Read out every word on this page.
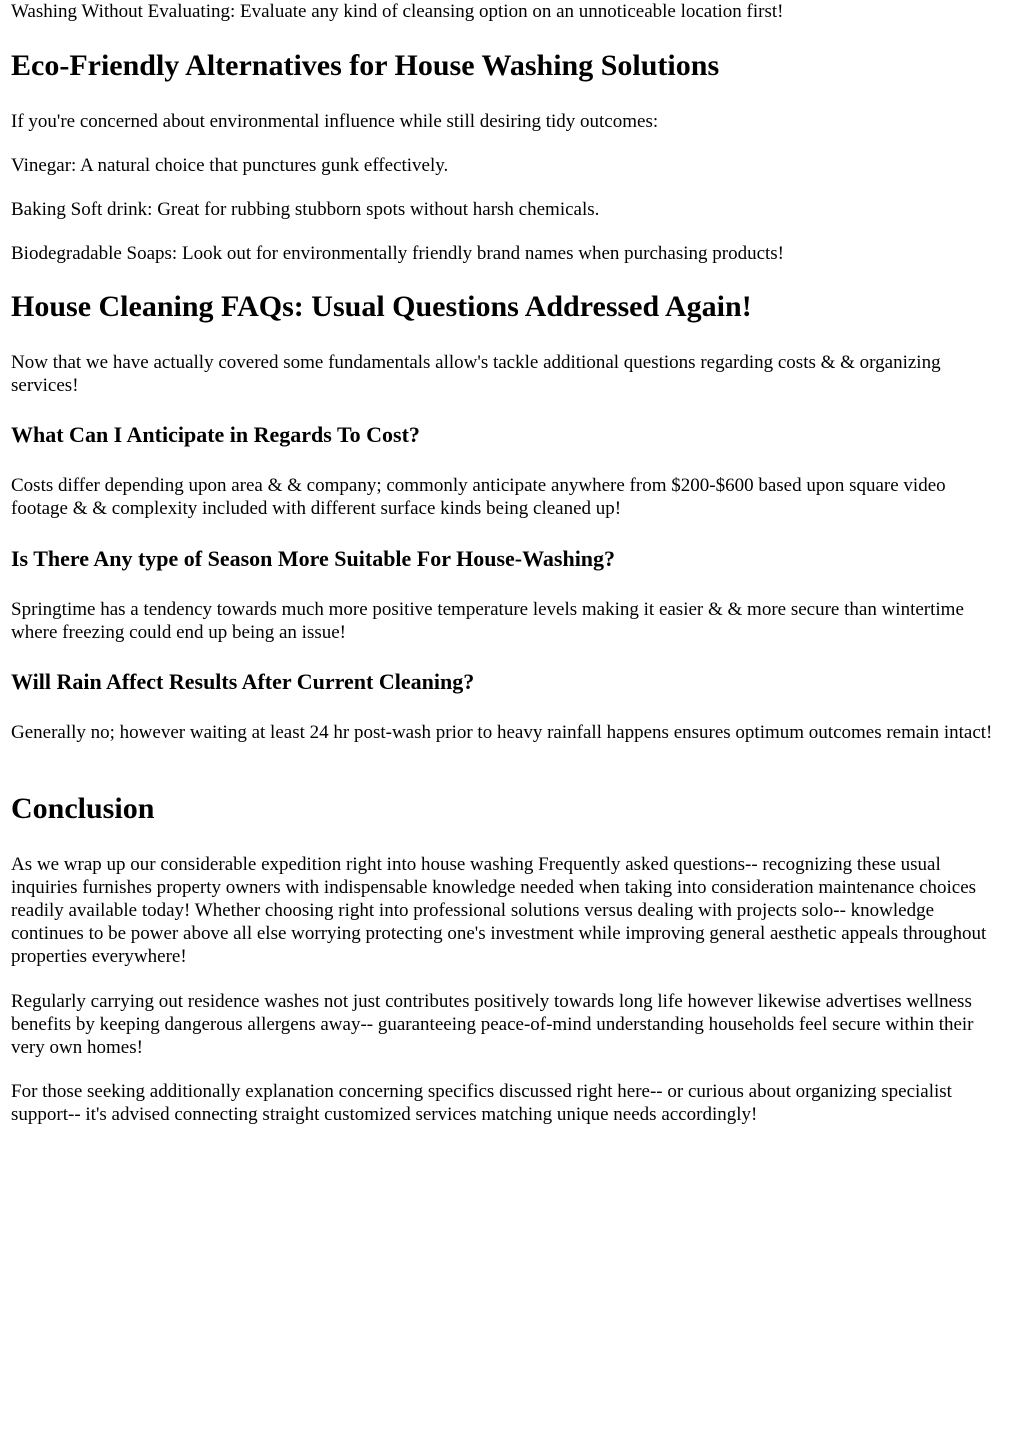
Washing Without Evaluating: Evaluate any kind of cleansing option on an unnoticeable location first!

Eco-Friendly Alternatives for House Washing Solutions

If you're concerned about environmental influence while still desiring tidy outcomes:

Vinegar: A natural choice that punctures gunk effectively.

Baking Soft drink: Great for rubbing stubborn spots without harsh chemicals.

Biodegradable Soaps: Look out for environmentally friendly brand names when purchasing products!

House Cleaning FAQs: Usual Questions Addressed Again!

Now that we have actually covered some fundamentals allow's tackle additional questions regarding costs & & organizing services!

What Can I Anticipate in Regards To Cost?

Costs differ depending upon area & & company; commonly anticipate anywhere from $200-$600 based upon square video footage & & complexity included with different surface kinds being cleaned up!

Is There Any type of Season More Suitable For House-Washing?

Springtime has a tendency towards much more positive temperature levels making it easier & & more secure than wintertime where freezing could end up being an issue!

Will Rain Affect Results After Current Cleaning?

Generally no; however waiting at least 24 hr post-wash prior to heavy rainfall happens ensures optimum outcomes remain intact!

Conclusion

As we wrap up our considerable expedition right into house washing Frequently asked questions-- recognizing these usual inquiries furnishes property owners with indispensable knowledge needed when taking into consideration maintenance choices readily available today! Whether choosing right into professional solutions versus dealing with projects solo-- knowledge continues to be power above all else worrying protecting one's investment while improving general aesthetic appeals throughout properties everywhere!

Regularly carrying out residence washes not just contributes positively towards long life however likewise advertises wellness benefits by keeping dangerous allergens away-- guaranteeing peace-of-mind understanding households feel secure within their very own homes!

For those seeking additionally explanation concerning specifics discussed right here-- or curious about organizing specialist support-- it's advised connecting straight customized services matching unique needs accordingly!
